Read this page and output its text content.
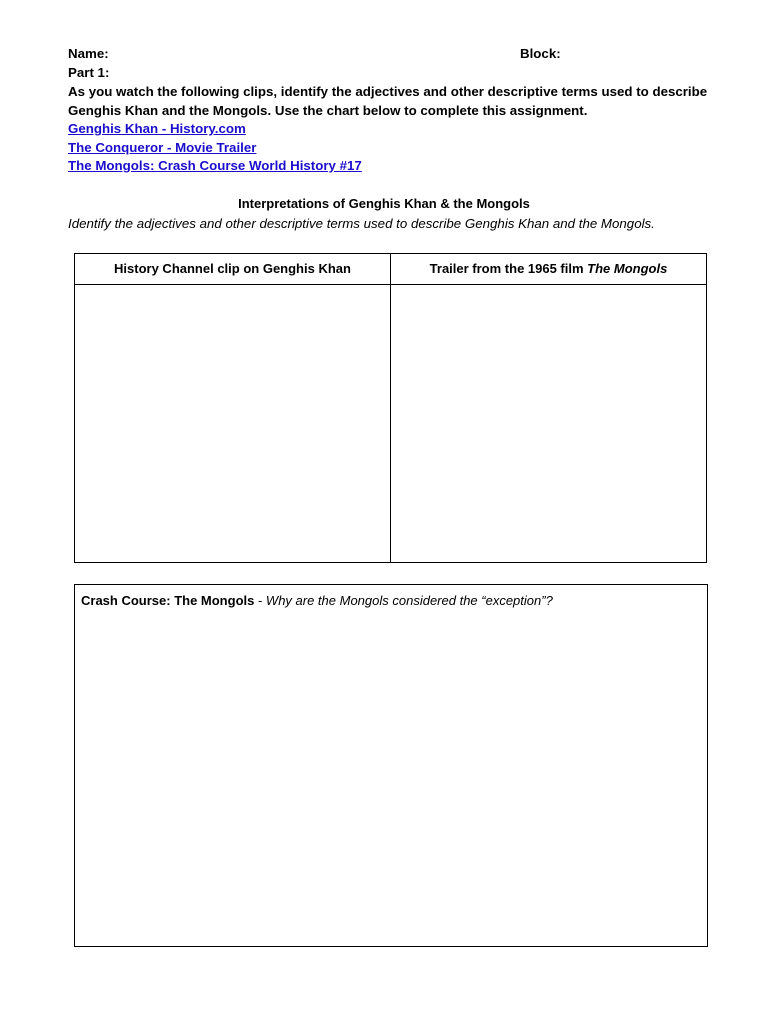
Name:	Block:
Part 1:
As you watch the following clips, identify the adjectives and other descriptive terms used to describe Genghis Khan and the Mongols. Use the chart below to complete this assignment.
Genghis Khan - History.com
The Conqueror - Movie Trailer
The Mongols: Crash Course World History #17
Interpretations of Genghis Khan & the Mongols
Identify the adjectives and other descriptive terms used to describe Genghis Khan and the Mongols.
History Channel clip on Genghis Khan	Trailer from the 1965 film The Mongols
Crash Course: The Mongols - Why are the Mongols considered the “exception”?
